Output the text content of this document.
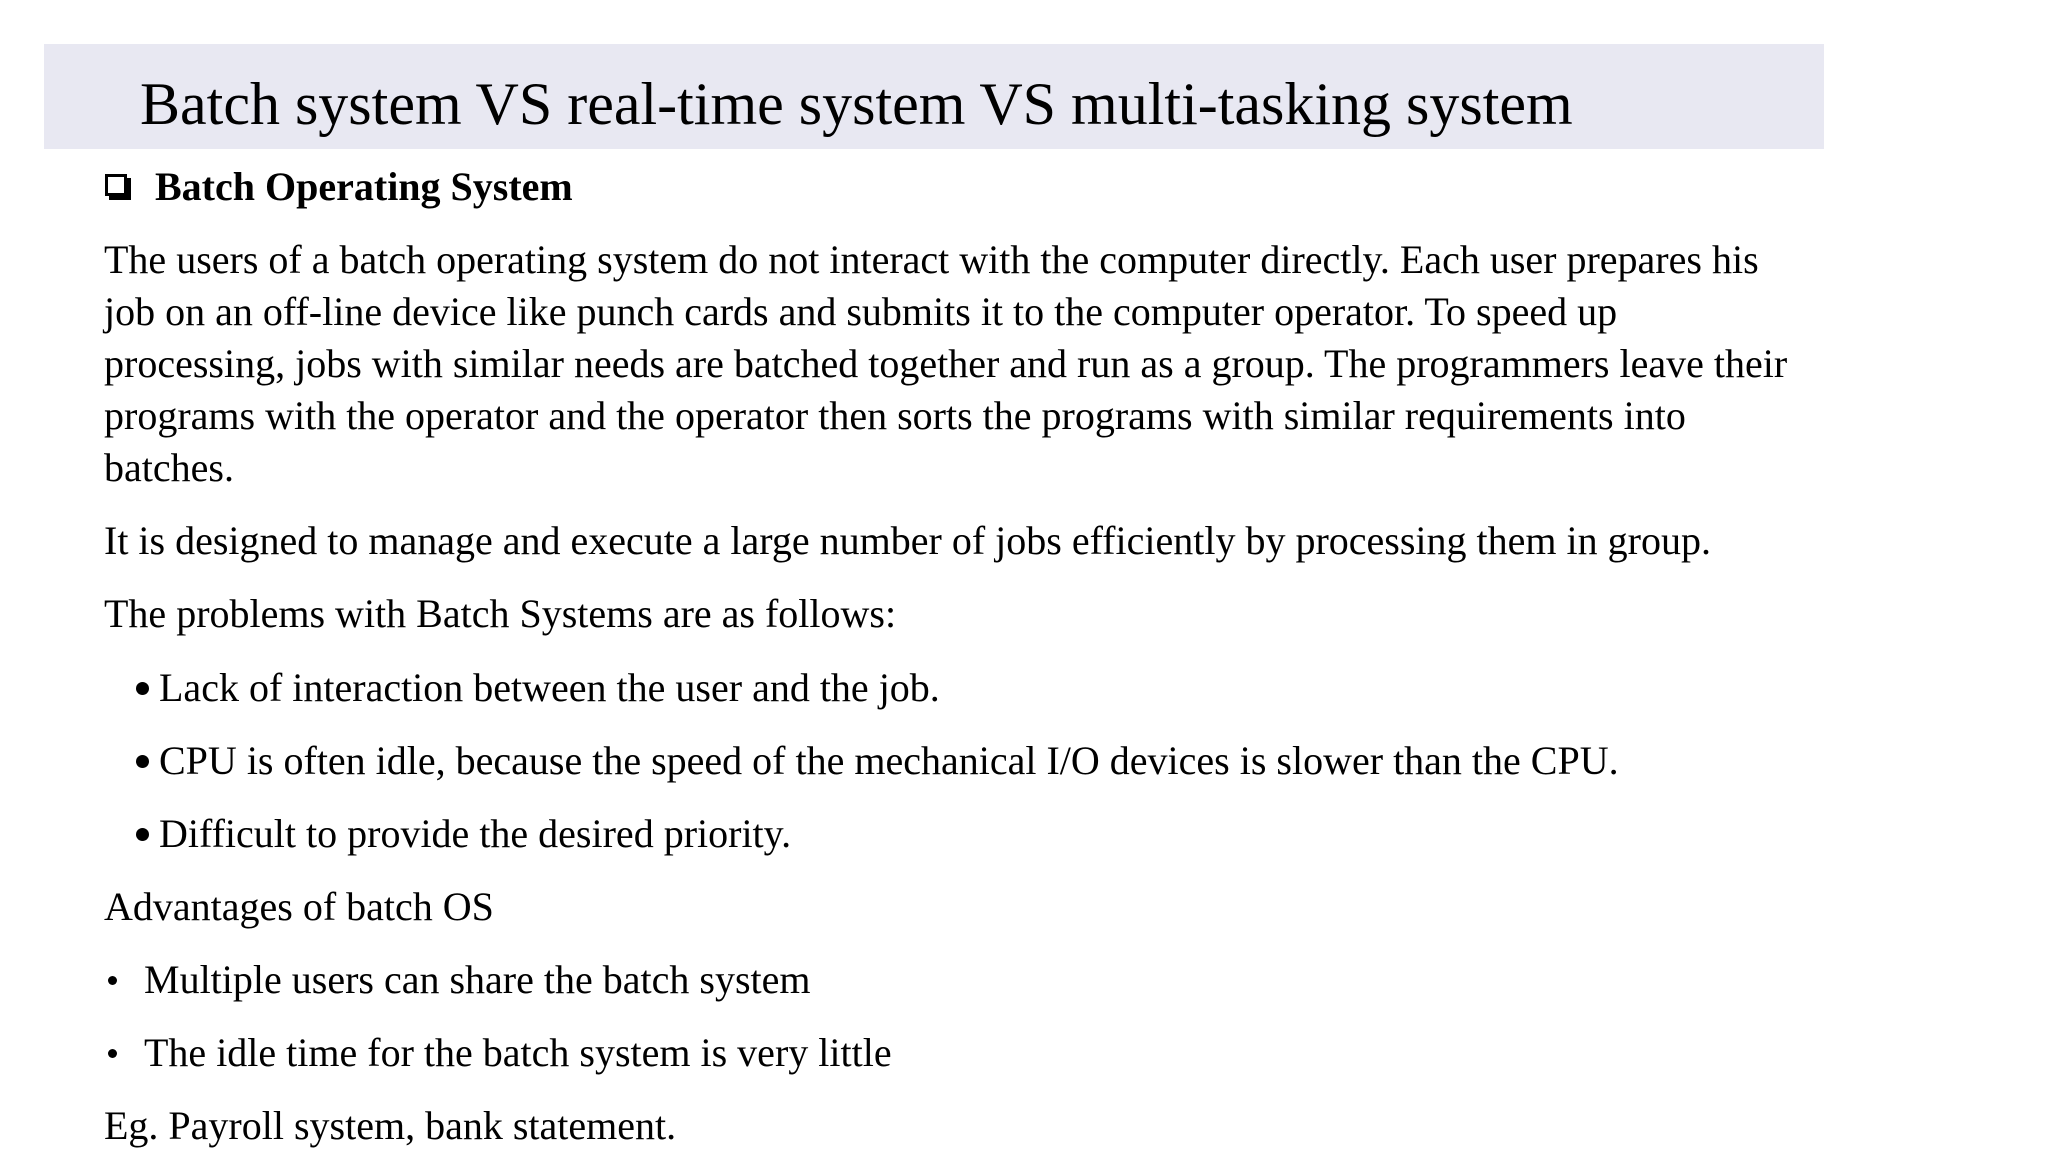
Batch system VS real-time system VS multi-tasking system
Batch Operating System

The users of a batch operating system do not interact with the computer directly. Each user prepares his
job on an off-line device like punch cards and submits it to the computer operator. To speed up
processing, jobs with similar needs are batched together and run as a group. The programmers leave their
programs with the operator and the operator then sorts the programs with similar requirements into
batches.

It is designed to manage and execute a large number of jobs efficiently by processing them in group.

The problems with Batch Systems are as follows:

Lack of interaction between the user and the job.
CPU is often idle, because the speed of the mechanical I/O devices is slower than the CPU.
Difficult to provide the desired priority.

Advantages of batch OS

Multiple users can share the batch system
The idle time for the batch system is very little

Eg. Payroll system, bank statement.
